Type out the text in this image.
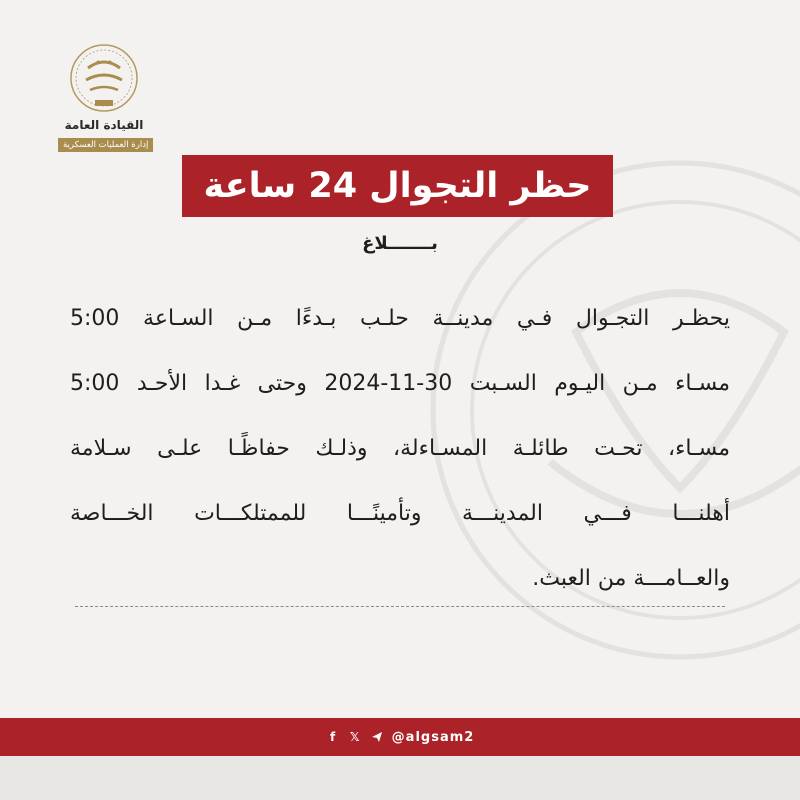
القيادة العامة
إدارة العمليات العسكرية
حظر التجوال 24 ساعة
بـــــــلاغ
يحظـر التجـوال فـي مدينــة حلـب بـدءًا مـن السـاعة 5:00
مسـاء مـن اليـوم السـبت 30-11-2024 وحتى غـدا الأحـد 5:00
مسـاء، تحـت طائلـة المسـاءلة، وذلـك حفاظًـا علـى سـلامة
أهلنـــا فـــي المدينـــة وتأمينًـــا للممتلكـــات الخـــاصة
والعــامـــة من العبث.
f	𝕏 @algsam2
